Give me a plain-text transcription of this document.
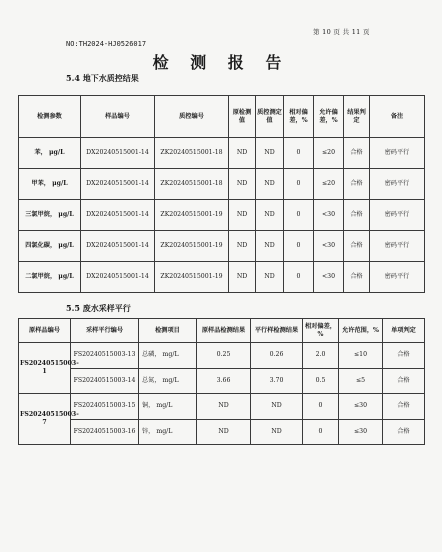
第 10 页 共 11 页
NO:TH2024-HJ0526017
检 测 报 告
5.4 地下水质控结果
检测参数	样品编号	质控编号	原检测值	质控测定值	相对偏差，%	允许偏差，%	结果判定	备注
苯， μg/L	DX20240515001-14	ZK20240515001-18	ND	ND	0	≤20	合格	密码平行
甲苯， μg/L	DX20240515001-14	ZK20240515001-18	ND	ND	0	≤20	合格	密码平行
三氯甲烷， μg/L	DX20240515001-14	ZK20240515001-19	ND	ND	0	<30	合格	密码平行
四氯化碳， μg/L	DX20240515001-14	ZK20240515001-19	ND	ND	0	<30	合格	密码平行
二氯甲烷， μg/L	DX20240515001-14	ZK20240515001-19	ND	ND	0	<30	合格	密码平行
5.5 废水采样平行
原样品编号	采样平行编号	检测项目	原样品检测结果	平行样检测结果	相对偏差，%	允许范围，%	单项判定
FS20240515003-1	FS20240515003-13	总磷， mg/L	0.25	0.26	2.0	≤10	合格
	FS20240515003-14	总氮， mg/L	3.66	3.70	0.5	≤5	合格
FS20240515003-7	FS20240515003-15	铜， mg/L	ND	ND	0	≤30	合格
	FS20240515003-16	锌， mg/L	ND	ND	0	≤30	合格
